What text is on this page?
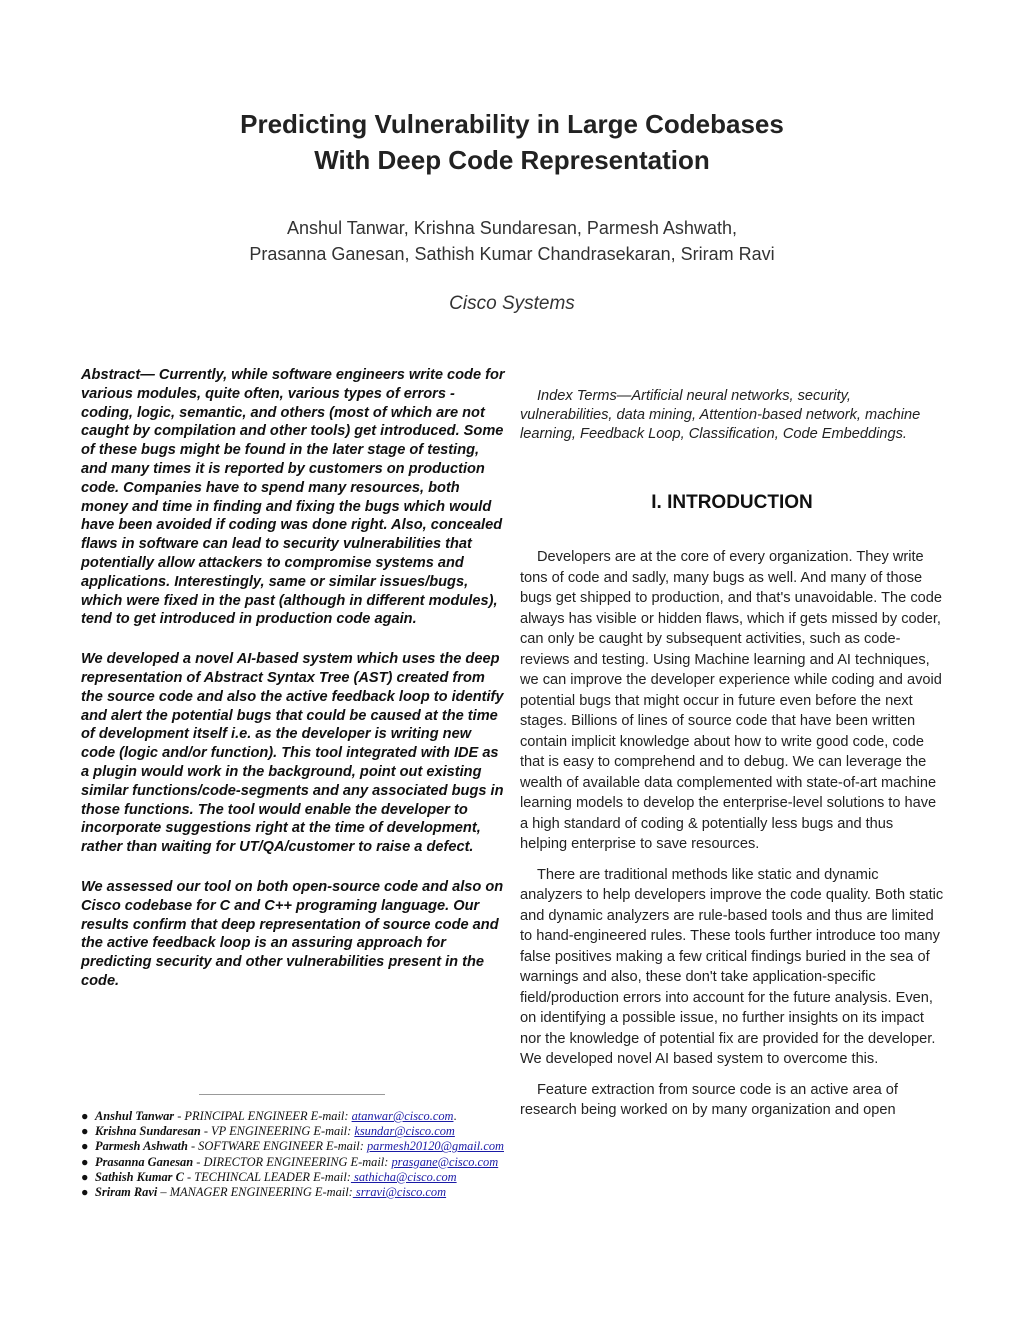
Predicting Vulnerability in Large Codebases
With Deep Code Representation
Anshul Tanwar, Krishna Sundaresan, Parmesh Ashwath,
Prasanna Ganesan, Sathish Kumar Chandrasekaran, Sriram Ravi
Cisco Systems

Abstract— Currently, while software engineers write code for various modules, quite often, various types of errors - coding, logic, semantic, and others (most of which are not caught by compilation and other tools) get introduced. Some of these bugs might be found in the later stage of testing, and many times it is reported by customers on production code. Companies have to spend many resources, both money and time in finding and fixing the bugs which would have been avoided if coding was done right. Also, concealed flaws in software can lead to security vulnerabilities that potentially allow attackers to compromise systems and applications. Interestingly, same or similar issues/bugs, which were fixed in the past (although in different modules), tend to get introduced in production code again.

We developed a novel AI-based system which uses the deep representation of Abstract Syntax Tree (AST) created from the source code and also the active feedback loop to identify and alert the potential bugs that could be caused at the time of development itself i.e. as the developer is writing new code (logic and/or function). This tool integrated with IDE as a plugin would work in the background, point out existing similar functions/code-segments and any associated bugs in those functions. The tool would enable the developer to incorporate suggestions right at the time of development, rather than waiting for UT/QA/customer to raise a defect.

We assessed our tool on both open-source code and also on Cisco codebase for C and C++ programing language. Our results confirm that deep representation of source code and the active feedback loop is an assuring approach for predicting security and other vulnerabilities present in the code.

● Anshul Tanwar - PRINCIPAL ENGINEER E-mail: atanwar@cisco.com.
● Krishna Sundaresan - VP ENGINEERING E-mail: ksundar@cisco.com
● Parmesh Ashwath - SOFTWARE ENGINEER E-mail: parmesh20120@gmail.com
● Prasanna Ganesan - DIRECTOR ENGINEERING E-mail: prasgane@cisco.com
● Sathish Kumar C - TECHINCAL LEADER E-mail: sathicha@cisco.com
● Sriram Ravi – MANAGER ENGINEERING E-mail: srravi@cisco.com

Index Terms—Artificial neural networks, security, vulnerabilities, data mining, Attention-based network, machine learning, Feedback Loop, Classification, Code Embeddings.

I. INTRODUCTION

Developers are at the core of every organization. They write tons of code and sadly, many bugs as well. And many of those bugs get shipped to production, and that's unavoidable. The code always has visible or hidden flaws, which if gets missed by coder, can only be caught by subsequent activities, such as code-reviews and testing. Using Machine learning and AI techniques, we can improve the developer experience while coding and avoid potential bugs that might occur in future even before the next stages. Billions of lines of source code that have been written contain implicit knowledge about how to write good code, code that is easy to comprehend and to debug. We can leverage the wealth of available data complemented with state-of-art machine learning models to develop the enterprise-level solutions to have a high standard of coding & potentially less bugs and thus helping enterprise to save resources.

There are traditional methods like static and dynamic analyzers to help developers improve the code quality. Both static and dynamic analyzers are rule-based tools and thus are limited to hand-engineered rules. These tools further introduce too many false positives making a few critical findings buried in the sea of warnings and also, these don't take application-specific field/production errors into account for the future analysis. Even, on identifying a possible issue, no further insights on its impact nor the knowledge of potential fix are provided for the developer. We developed novel AI based system to overcome this.

Feature extraction from source code is an active area of research being worked on by many organization and open
